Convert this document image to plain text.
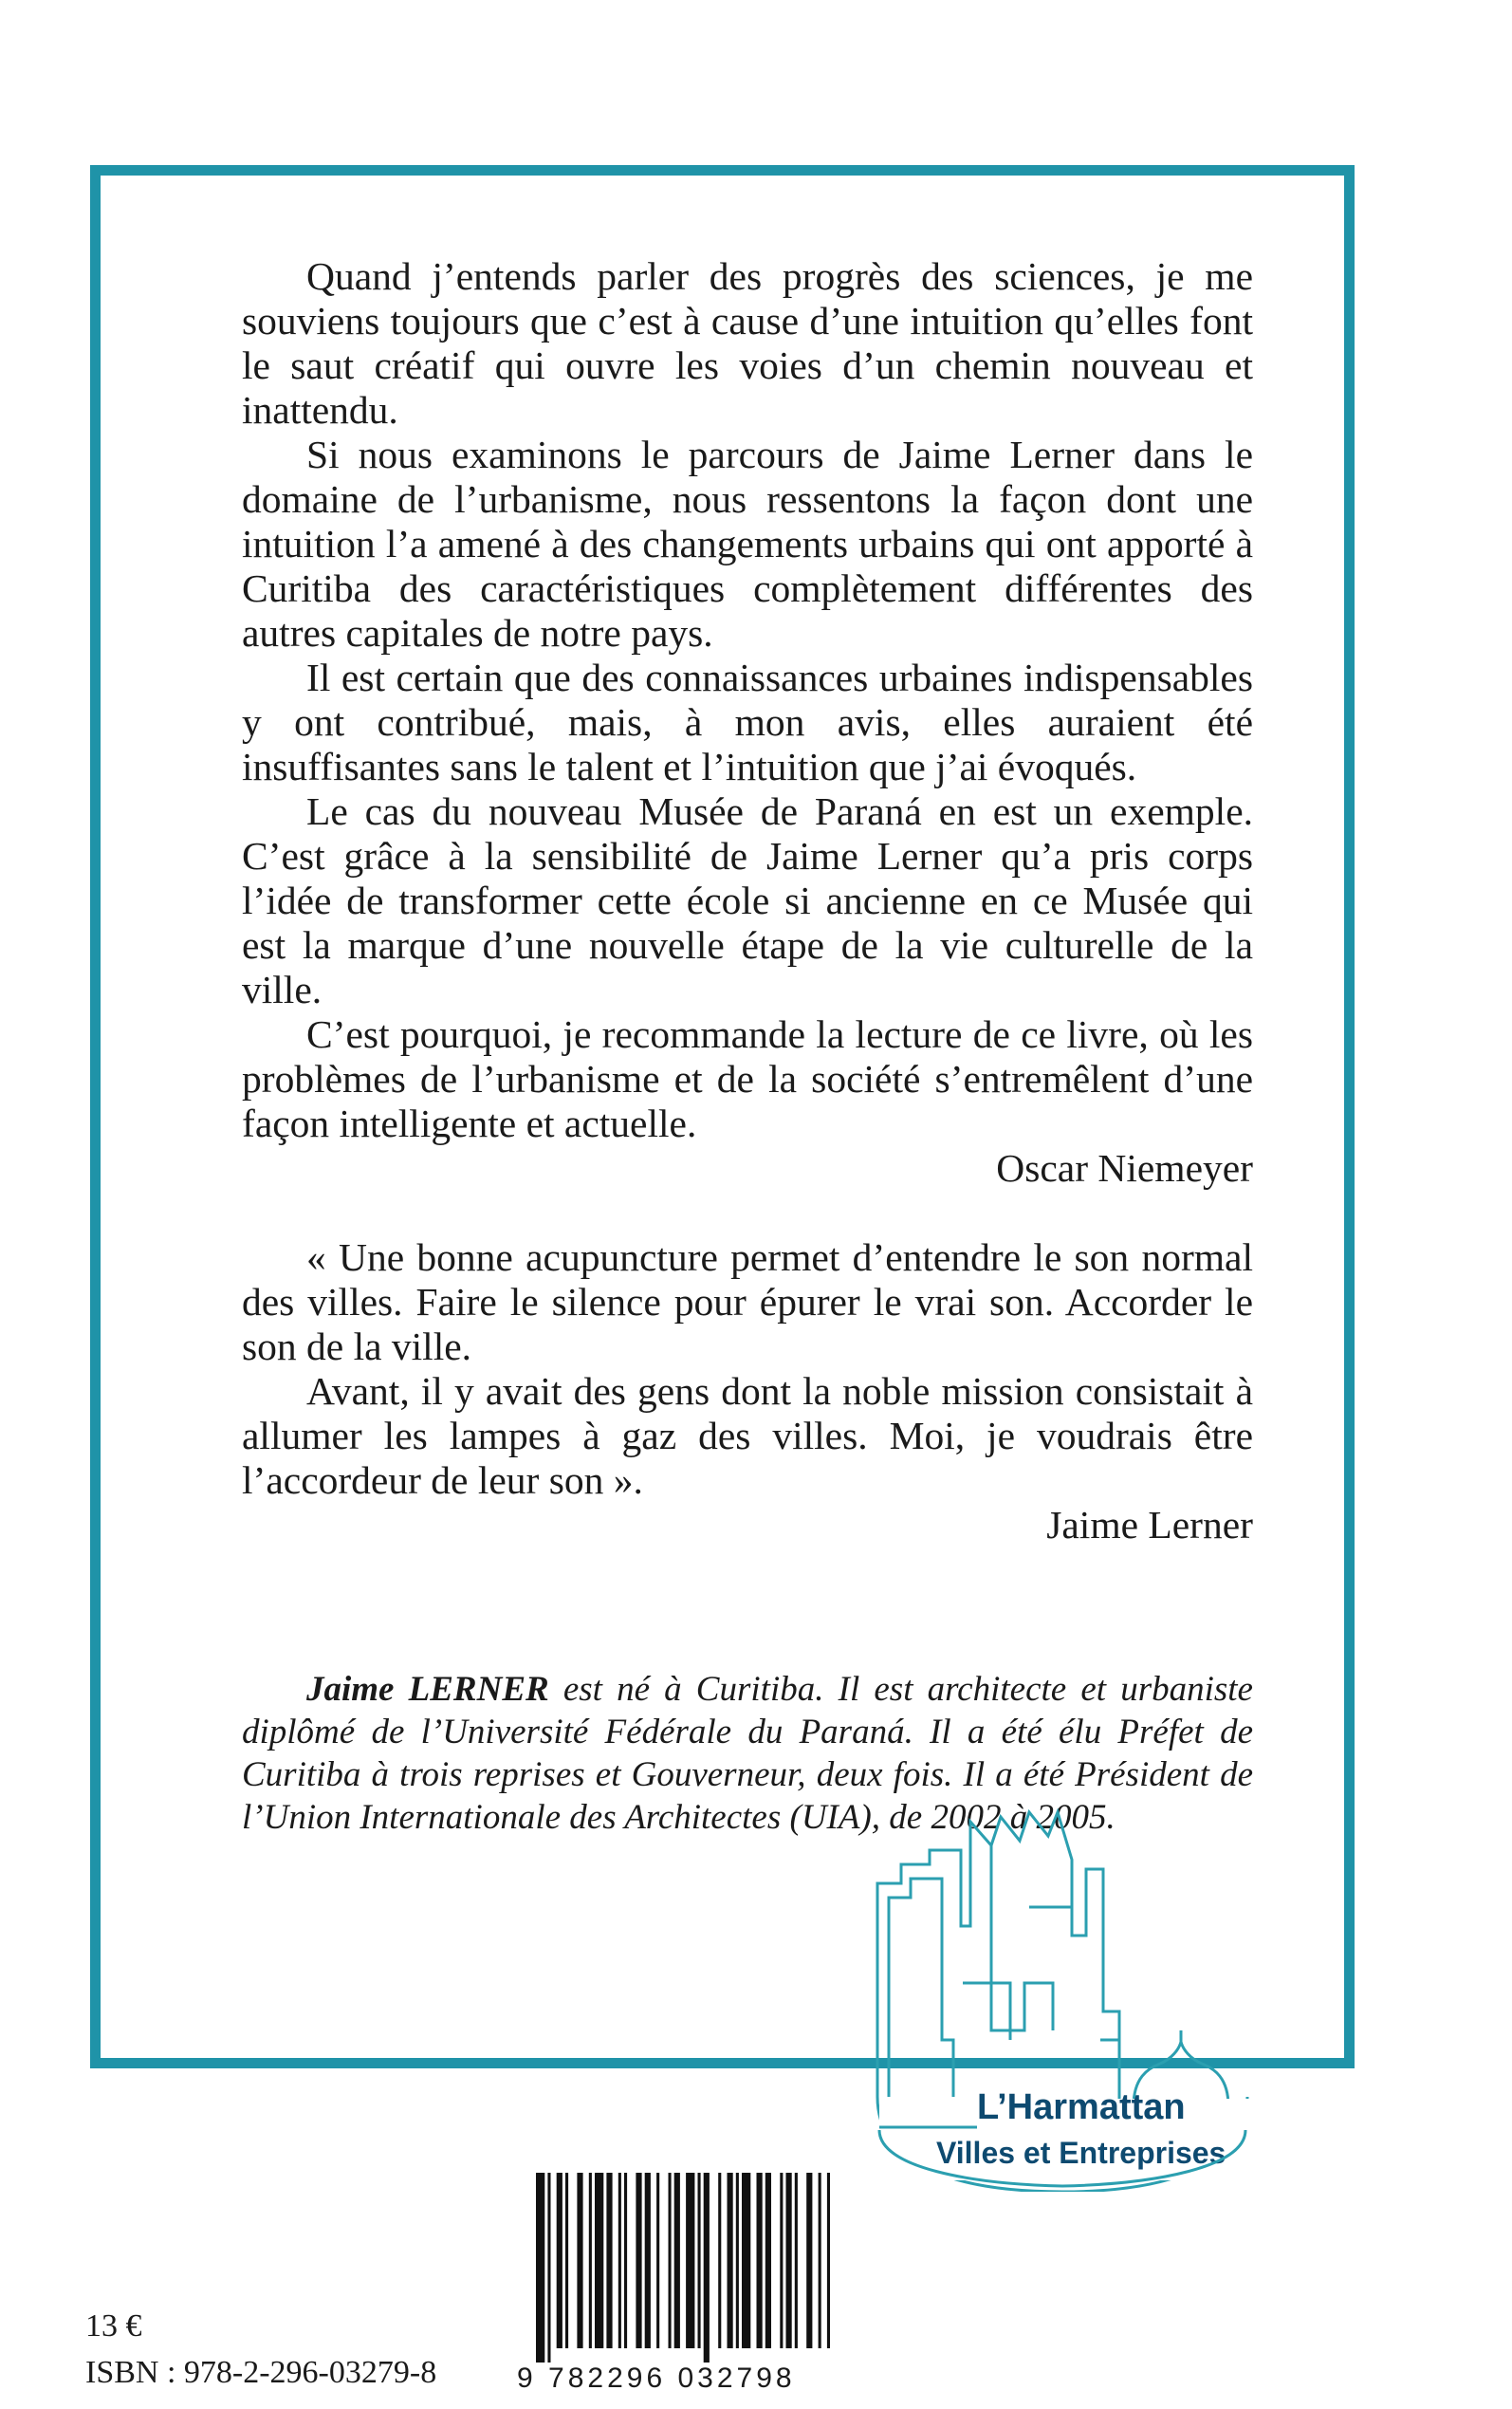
Quand j’entends parler des progrès des sciences, je me souviens toujours que c’est à cause d’une intuition qu’elles font le saut créatif qui ouvre les voies d’un chemin nouveau et inattendu.

Si nous examinons le parcours de Jaime Lerner dans le domaine de l’urbanisme, nous ressentons la façon dont une intuition l’a amené à des changements urbains qui ont apporté à Curitiba des caractéristiques complètement différentes des autres capitales de notre pays.

Il est certain que des connaissances urbaines indispensables y ont contribué, mais, à mon avis, elles auraient été insuffisantes sans le talent et l’intuition que j’ai évoqués.

Le cas du nouveau Musée de Paraná en est un exemple. C’est grâce à la sensibilité de Jaime Lerner qu’a pris corps l’idée de transformer cette école si ancienne en ce Musée qui est la marque d’une nouvelle étape de la vie culturelle de la ville.

C’est pourquoi, je recommande la lecture de ce livre, où les problèmes de l’urbanisme et de la société s’entremêlent d’une façon intelligente et actuelle.

Oscar Niemeyer

« Une bonne acupuncture permet d’entendre le son normal des villes. Faire le silence pour épurer le vrai son. Accorder le son de la ville.

Avant, il y avait des gens dont la noble mission consistait à allumer les lampes à gaz des villes. Moi, je voudrais être l’accordeur de leur son ».

Jaime Lerner

Jaime LERNER est né à Curitiba. Il est architecte et urbaniste diplômé de l’Université Fédérale du Paraná. Il a été élu Préfet de Curitiba à trois reprises et Gouverneur, deux fois. Il a été Président de l’Union Internationale des Architectes (UIA), de 2002 à 2005.
L’Harmattan
Villes et Entreprises
9 782296 032798
13 €
ISBN : 978-2-296-03279-8
